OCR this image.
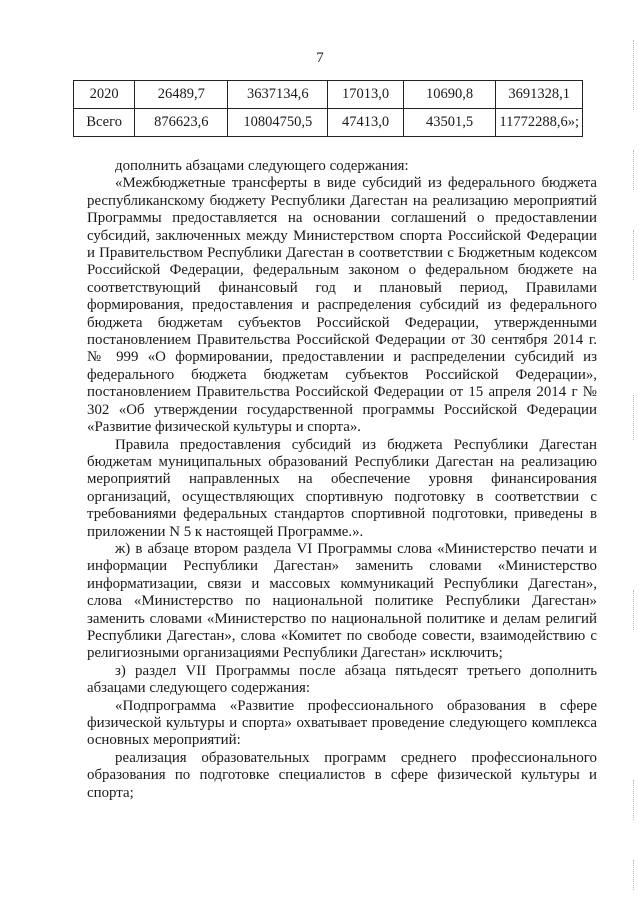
7
2020	26489,7	3637134,6	17013,0	10690,8	3691328,1
Всего	876623,6	10804750,5	47413,0	43501,5	11772288,6»;

дополнить абзацами следующего содержания:

«Межбюджетные трансферты в виде субсидий из федерального бюджета республиканскому бюджету Республики Дагестан на реализацию мероприятий Программы предоставляется на основании соглашений о предоставлении субсидий, заключенных между Министерством спорта Российской Федерации и Правительством Республики Дагестан в соответствии с Бюджетным кодексом Российской Федерации, федеральным законом о федеральном бюджете на соответствующий финансовый год и плановый период, Правилами формирования, предоставления и распределения субсидий из федерального бюджета бюджетам субъектов Российской Федерации, утвержденными постановлением Правительства Российской Федерации от 30 сентября 2014 г. № 999 «О формировании, предоставлении и распределении субсидий из федерального бюджета бюджетам субъектов Российской Федерации», постановлением Правительства Российской Федерации от 15 апреля 2014 г № 302 «Об утверждении государственной программы Российской Федерации «Развитие физической культуры и спорта».

Правила предоставления субсидий из бюджета Республики Дагестан бюджетам муниципальных образований Республики Дагестан на реализацию мероприятий направленных на обеспечение уровня финансирования организаций, осуществляющих спортивную подготовку в соответствии с требованиями федеральных стандартов спортивной подготовки, приведены в приложении N 5 к настоящей Программе.».

ж) в абзаце втором раздела VI Программы слова «Министерство печати и информации Республики Дагестан» заменить словами «Министерство информатизации, связи и массовых коммуникаций Республики Дагестан», слова «Министерство по национальной политике Республики Дагестан» заменить словами «Министерство по национальной политике и делам религий Республики Дагестан», слова «Комитет по свободе совести, взаимодействию с религиозными организациями Республики Дагестан» исключить;

з) раздел VII Программы после абзаца пятьдесят третьего дополнить абзацами следующего содержания:

«Подпрограмма «Развитие профессионального образования в сфере физической культуры и спорта» охватывает проведение следующего комплекса основных мероприятий:

реализация образовательных программ среднего профессионального образования по подготовке специалистов в сфере физической культуры и спорта;
